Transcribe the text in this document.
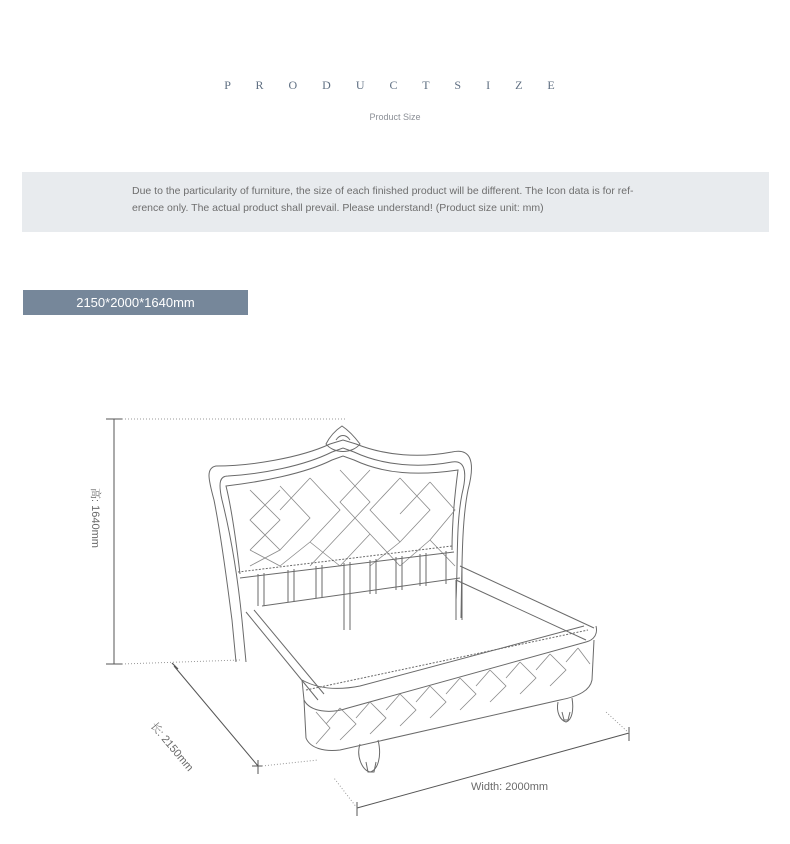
P R O D U C T S I Z E
Product Size
Due to the particularity of furniture, the size of each finished product will be different. The Icon data is for ref-erence only. The actual product shall prevail. Please understand! (Product size unit: mm)
2150*2000*1640mm
高: 1640mm
长: 2150mm
Width: 2000mm
